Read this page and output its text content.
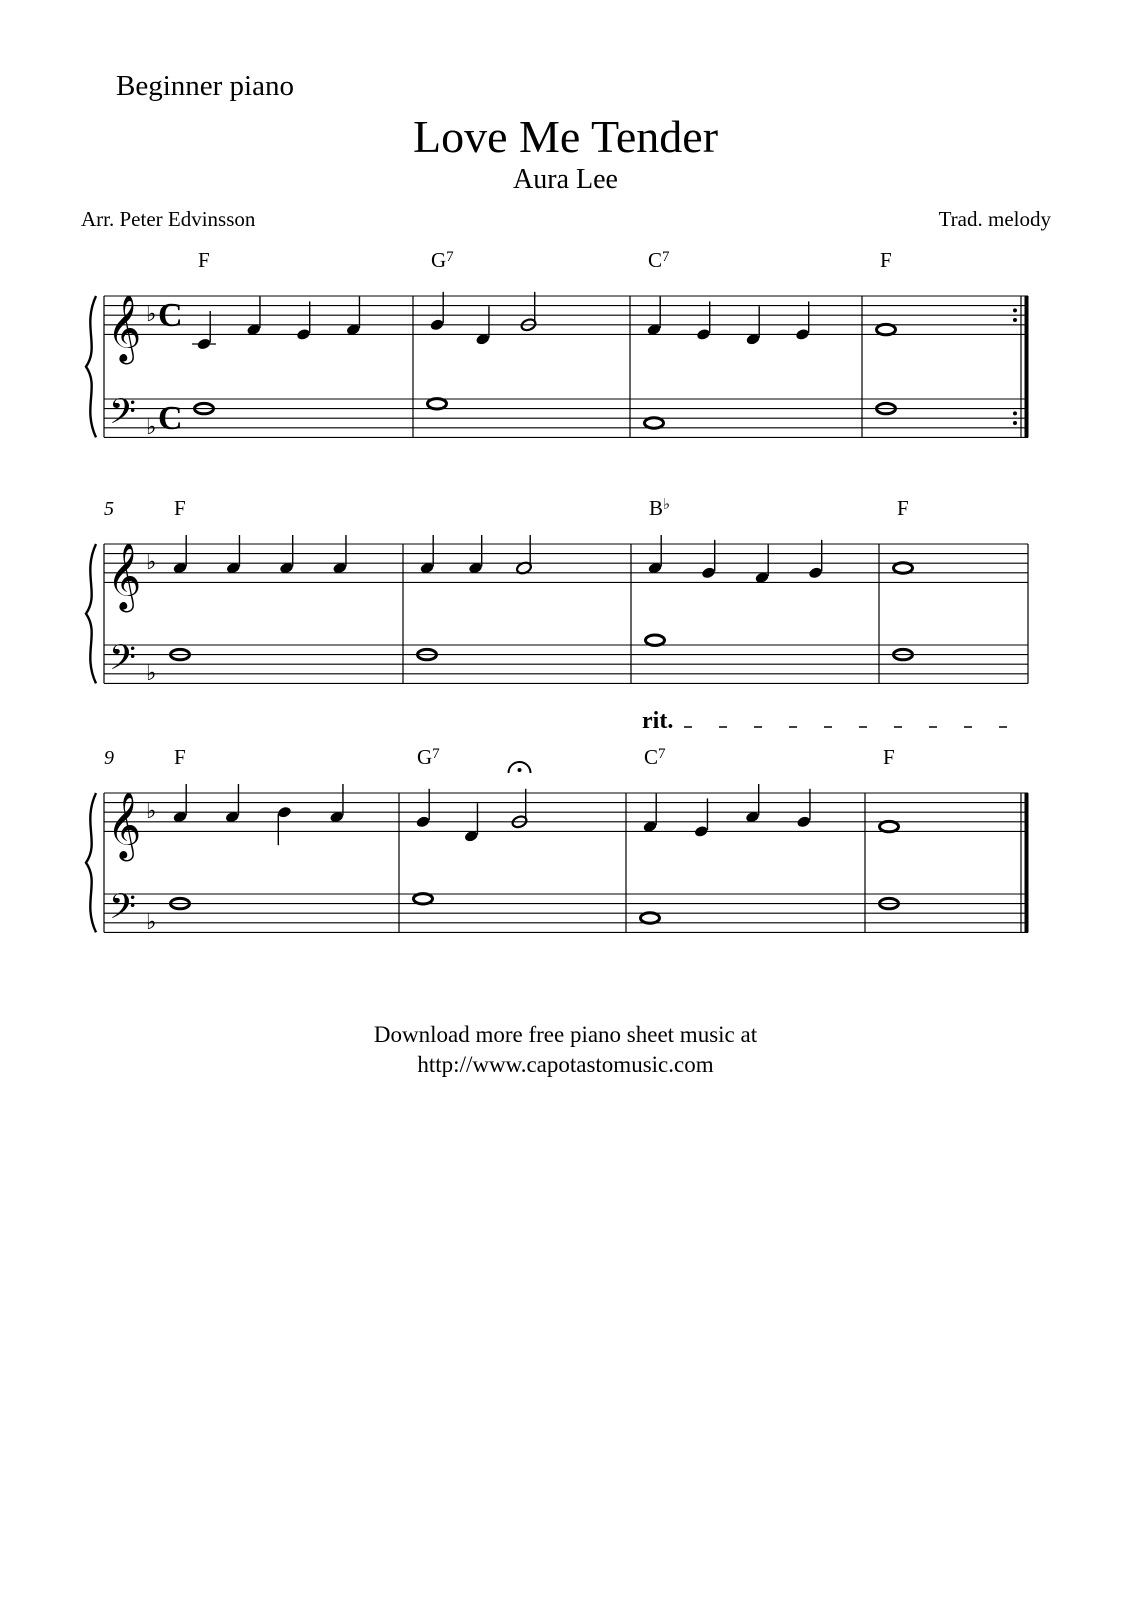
Beginner piano
Love Me Tender
Aura Lee
Arr. Peter Edvinsson	Trad. melody
𝄞
𝄢
♭
♭
C
C
F	$G^7$	$C^7$	F
𝄞
𝄢
♭
♭
5	F	B♭	F
𝄞
𝄢
♭
♭
9	F	$G^7$	$C^7$	F
rit.
Download more free piano sheet music at
http://www.capotastomusic.com
